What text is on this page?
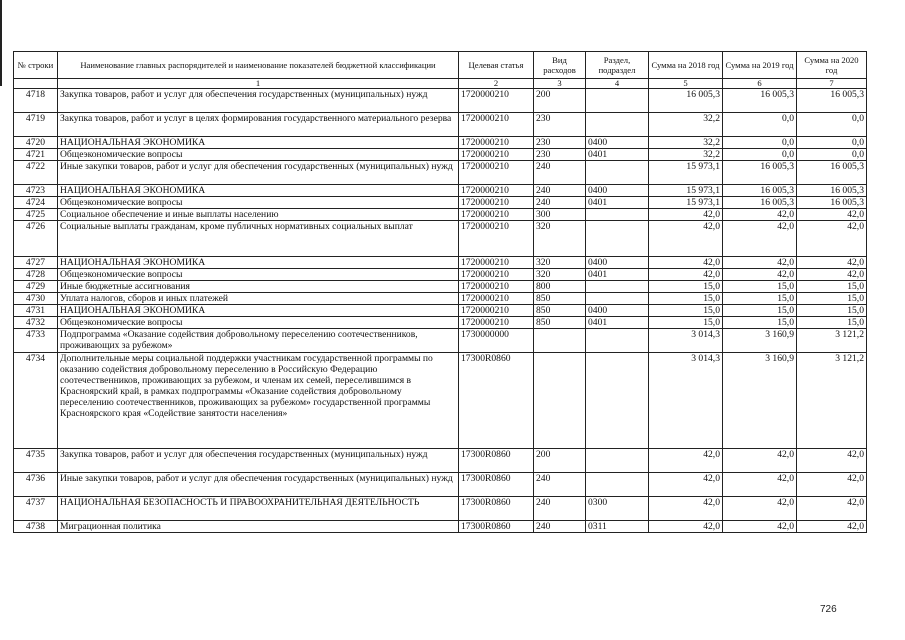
№ строки	Наименование главных распорядителей и наименование показателей бюджетной классификации	Целевая статья	Вид расходов	Раздел, подраздел	Сумма на 2018 год	Сумма на 2019 год	Сумма на 2020 год
	1	2	3	4	5	6	7
4718	Закупка товаров, работ и услуг для обеспечения государственных (муниципальных) нужд	1720000210	200		16 005,3	16 005,3	16 005,3
4719	Закупка товаров, работ и услуг в целях формирования государственного материального резерва	1720000210	230		32,2	0,0	0,0
4720	НАЦИОНАЛЬНАЯ ЭКОНОМИКА	1720000210	230	0400	32,2	0,0	0,0
4721	Общеэкономические вопросы	1720000210	230	0401	32,2	0,0	0,0
4722	Иные закупки товаров, работ и услуг для обеспечения государственных (муниципальных) нужд	1720000210	240		15 973,1	16 005,3	16 005,3
4723	НАЦИОНАЛЬНАЯ ЭКОНОМИКА	1720000210	240	0400	15 973,1	16 005,3	16 005,3
4724	Общеэкономические вопросы	1720000210	240	0401	15 973,1	16 005,3	16 005,3
4725	Социальное обеспечение и иные выплаты населению	1720000210	300		42,0	42,0	42,0
4726	Социальные выплаты гражданам, кроме публичных нормативных социальных выплат	1720000210	320		42,0	42,0	42,0
4727	НАЦИОНАЛЬНАЯ ЭКОНОМИКА	1720000210	320	0400	42,0	42,0	42,0
4728	Общеэкономические вопросы	1720000210	320	0401	42,0	42,0	42,0
4729	Иные бюджетные ассигнования	1720000210	800		15,0	15,0	15,0
4730	Уплата налогов, сборов и иных платежей	1720000210	850		15,0	15,0	15,0
4731	НАЦИОНАЛЬНАЯ ЭКОНОМИКА	1720000210	850	0400	15,0	15,0	15,0
4732	Общеэкономические вопросы	1720000210	850	0401	15,0	15,0	15,0
4733	Подпрограмма «Оказание содействия добровольному переселению соотечественников, проживающих за рубежом»	1730000000			3 014,3	3 160,9	3 121,2
4734	Дополнительные меры социальной поддержки участникам государственной программы по оказанию содействия добровольному переселению в Российскую Федерацию соотечественников, проживающих за рубежом, и членам их семей, переселившимся в Красноярский край, в рамках подпрограммы «Оказание содействия добровольному переселению соотечественников, проживающих за рубежом» государственной программы Красноярского края «Содействие занятости населения»	17300R0860			3 014,3	3 160,9	3 121,2
4735	Закупка товаров, работ и услуг для обеспечения государственных (муниципальных) нужд	17300R0860	200		42,0	42,0	42,0
4736	Иные закупки товаров, работ и услуг для обеспечения государственных (муниципальных) нужд	17300R0860	240		42,0	42,0	42,0
4737	НАЦИОНАЛЬНАЯ БЕЗОПАСНОСТЬ И ПРАВООХРАНИТЕЛЬНАЯ ДЕЯТЕЛЬНОСТЬ	17300R0860	240	0300	42,0	42,0	42,0
4738	Миграционная политика	17300R0860	240	0311	42,0	42,0	42,0
726
